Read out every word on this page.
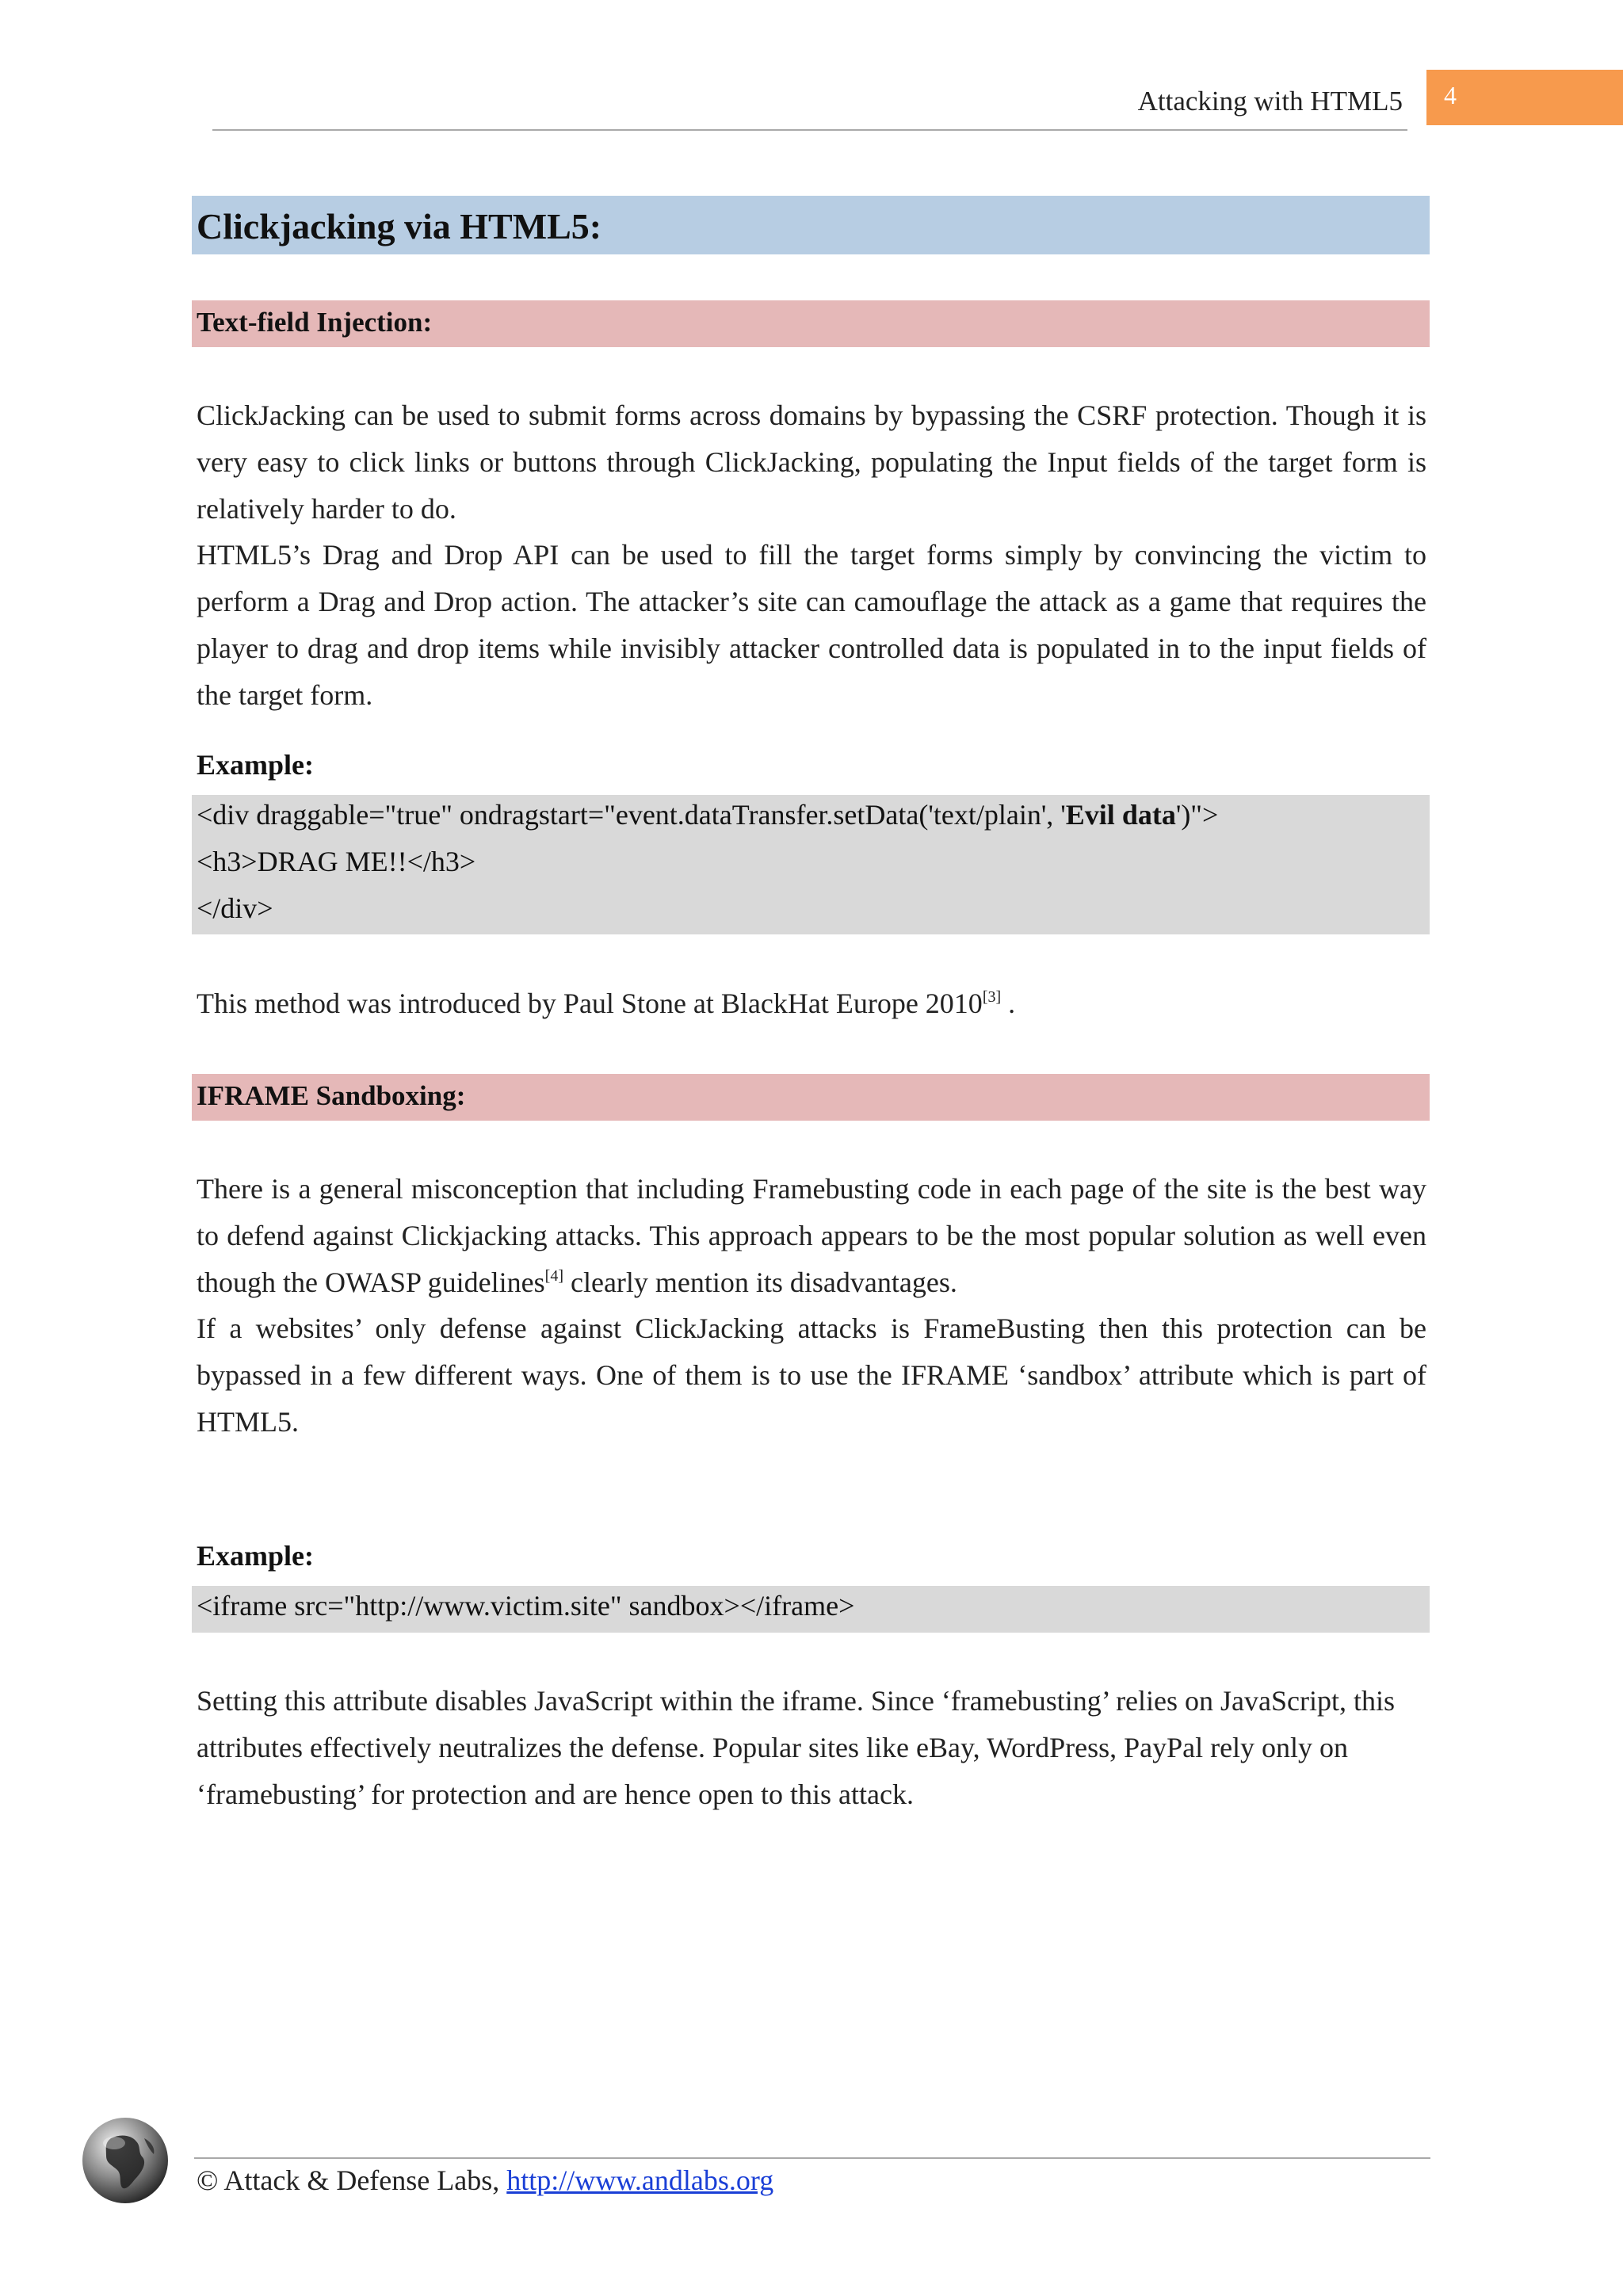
Attacking with HTML5 4
Clickjacking via HTML5:
Text-field Injection:

ClickJacking can be used to submit forms across domains by bypassing the CSRF protection. Though it is very easy to click links or buttons through ClickJacking, populating the Input fields of the target form is relatively harder to do.

HTML5’s Drag and Drop API can be used to fill the target forms simply by convincing the victim to perform a Drag and Drop action. The attacker’s site can camouflage the attack as a game that requires the player to drag and drop items while invisibly attacker controlled data is populated in to the input fields of the target form.

Example:
<div draggable="true" ondragstart="event.dataTransfer.setData('text/plain', 'Evil data')">
<h3>DRAG ME!!</h3>
</div>
This method was introduced by Paul Stone at BlackHat Europe 2010[3] .
IFRAME Sandboxing:

There is a general misconception that including Framebusting code in each page of the site is the best way to defend against Clickjacking attacks. This approach appears to be the most popular solution as well even though the OWASP guidelines[4] clearly mention its disadvantages.

If a websites’ only defense against ClickJacking attacks is FrameBusting then this protection can be bypassed in a few different ways. One of them is to use the IFRAME ‘sandbox’ attribute which is part of HTML5.

Example:
<iframe src="http://www.victim.site" sandbox></iframe>

Setting this attribute disables JavaScript within the iframe. Since ‘framebusting’ relies on JavaScript, this attributes effectively neutralizes the defense. Popular sites like eBay, WordPress, PayPal rely only on ‘framebusting’ for protection and are hence open to this attack.

© Attack & Defense Labs, http://www.andlabs.org
